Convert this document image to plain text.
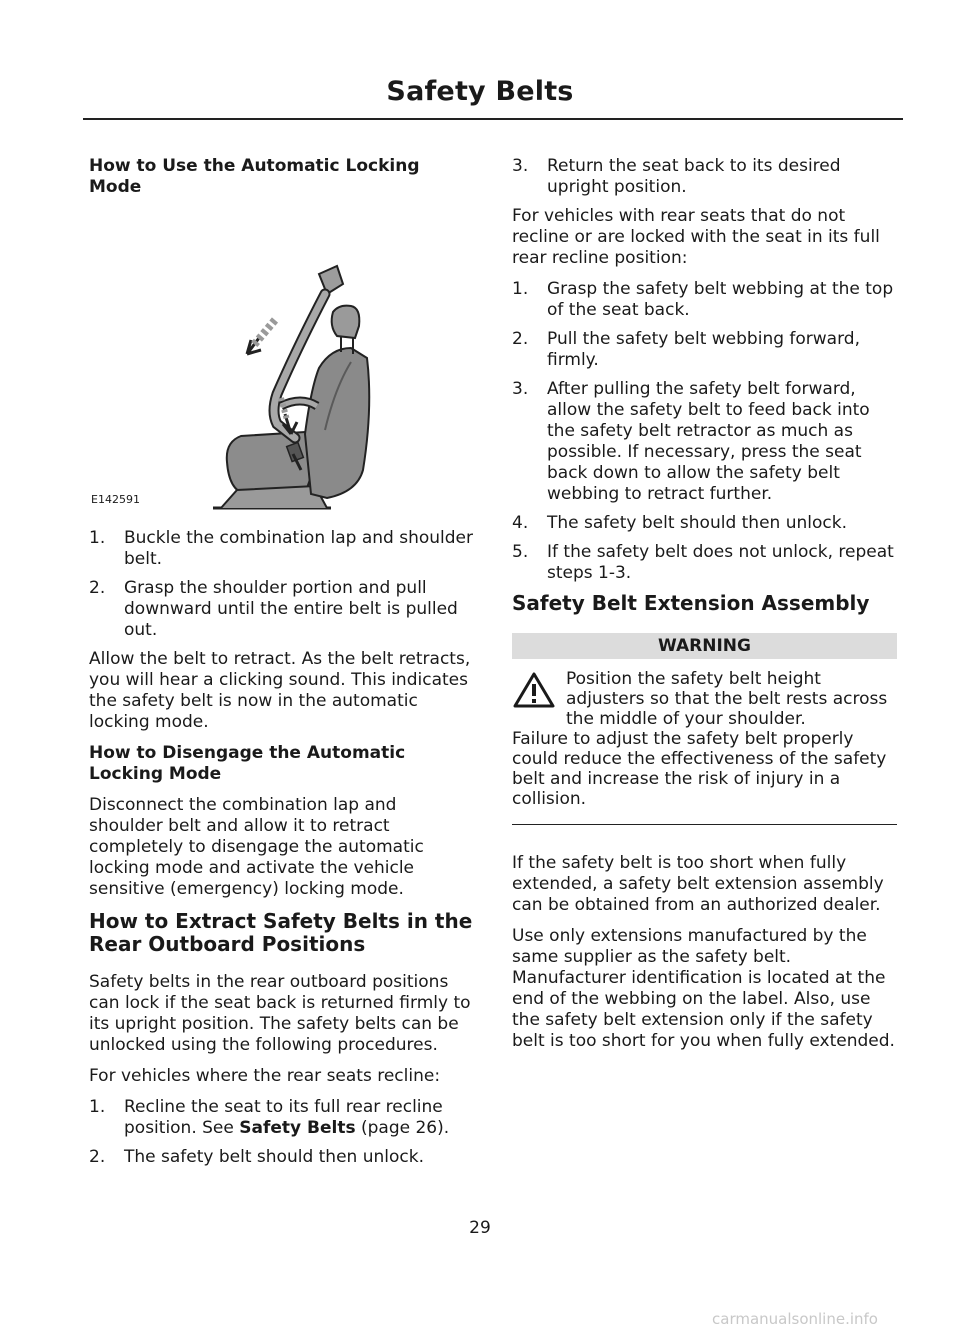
Safety Belts
How to Use the Automatic Locking Mode
E142591
1. Buckle the combination lap and shoulder belt.
2. Grasp the shoulder portion and pull downward until the entire belt is pulled out.

Allow the belt to retract. As the belt retracts, you will hear a clicking sound. This indicates the safety belt is now in the automatic locking mode.

How to Disengage the Automatic Locking Mode

Disconnect the combination lap and shoulder belt and allow it to retract completely to disengage the automatic locking mode and activate the vehicle sensitive (emergency) locking mode.

How to Extract Safety Belts in the Rear Outboard Positions

Safety belts in the rear outboard positions can lock if the seat back is returned firmly to its upright position. The safety belts can be unlocked using the following procedures.

For vehicles where the rear seats recline:

1. Recline the seat to its full rear recline position. See Safety Belts (page 26).
2. The safety belt should then unlock.
3. Return the seat back to its desired upright position.

For vehicles with rear seats that do not recline or are locked with the seat in its full rear recline position:

1. Grasp the safety belt webbing at the top of the seat back.
2. Pull the safety belt webbing forward, firmly.
3. After pulling the safety belt forward, allow the safety belt to feed back into the safety belt retractor as much as possible. If necessary, press the seat back down to allow the safety belt webbing to retract further.
4. The safety belt should then unlock.
5. If the safety belt does not unlock, repeat steps 1-3.
Safety Belt Extension Assembly
WARNING
Position the safety belt height adjusters so that the belt rests across the middle of your shoulder.

Failure to adjust the safety belt properly could reduce the effectiveness of the safety belt and increase the risk of injury in a collision.

If the safety belt is too short when fully extended, a safety belt extension assembly can be obtained from an authorized dealer.

Use only extensions manufactured by the same supplier as the safety belt. Manufacturer identification is located at the end of the webbing on the label. Also, use the safety belt extension only if the safety belt is too short for you when fully extended.

29
carmanualsonline.info
